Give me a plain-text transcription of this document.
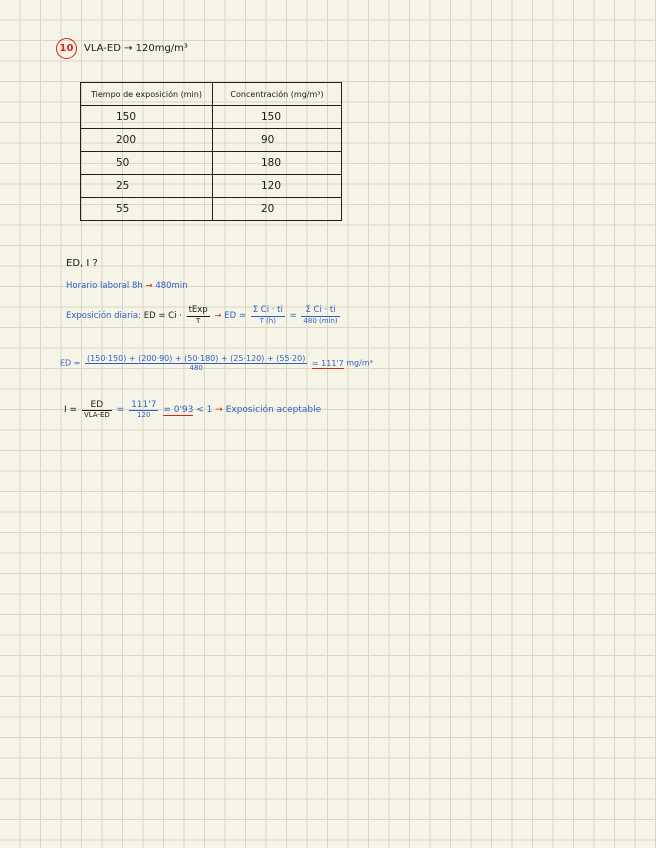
10 VLA-ED → 120mg/m³
Tiempo de exposición (min)	Concentración (mg/m³)
150	150
200	90
50	180
25	120
55	20
ED, I ?
Horario laboral 8h → 480min
Exposición diaria: ED = $Ci \cdot \frac{\text{tExp}}{T}$ → ED = $\frac{\text{Σ Ci · ti}}{T (h)} = \frac{\text{Σ Ci · ti}}{480 (\min)}$
ED = $\frac{(150\cdot 150) + (200\cdot 90) + (50\cdot 180) + (25\cdot 120) + (55\cdot 20)}{480} = 111'7$ mg/m³
$I = \frac{ED}{\text{VLA-ED}} = \frac{111'7}{120} = 0'93 < 1$ → Exposición aceptable
